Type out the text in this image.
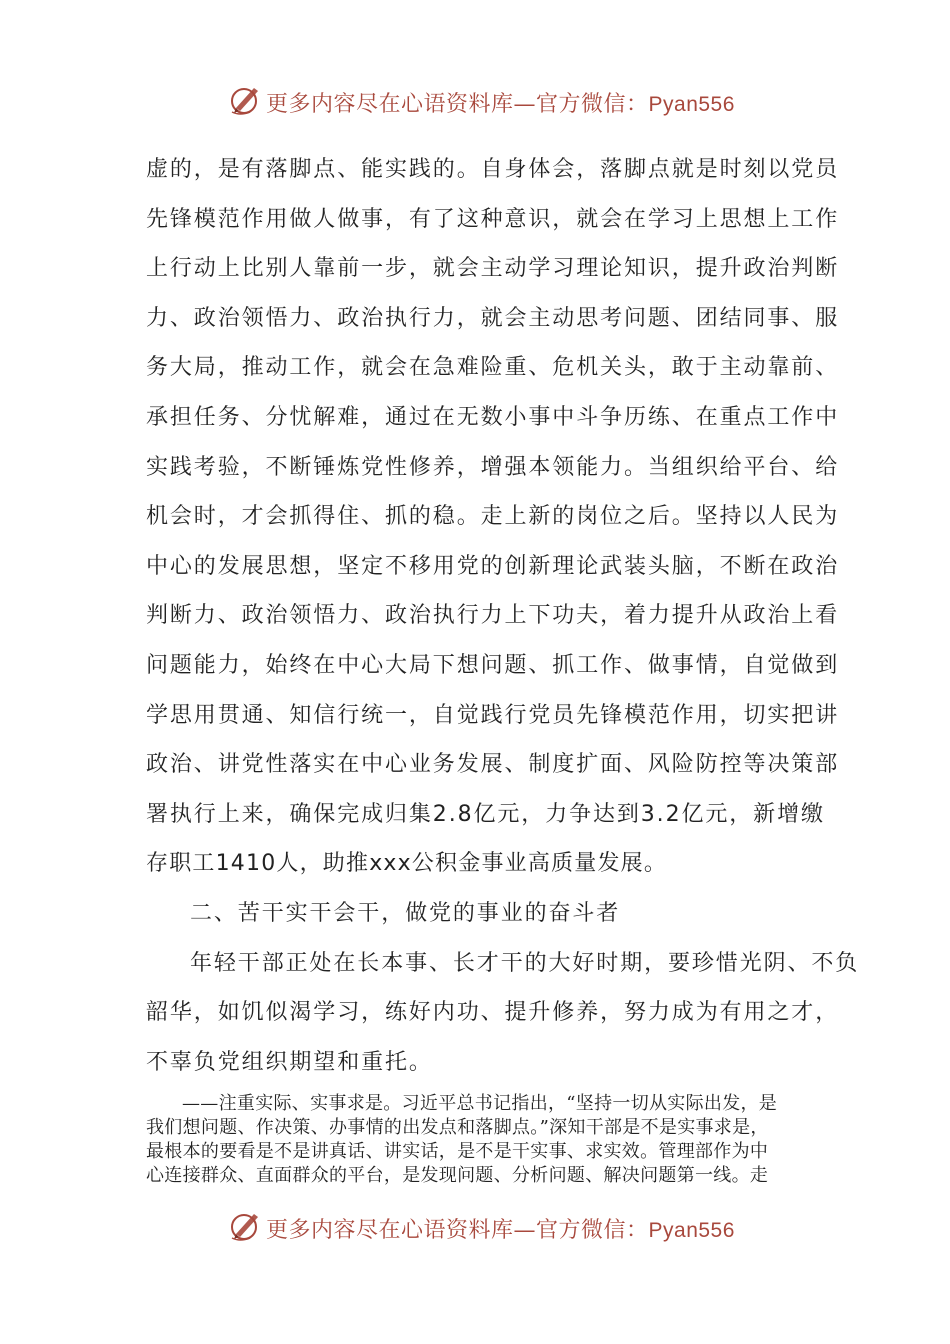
更多内容尽在心语资料库—官方微信：Pyan556
虚的，是有落脚点、能实践的。自身体会，落脚点就是时刻以党员
先锋模范作用做人做事，有了这种意识，就会在学习上思想上工作
上行动上比别人靠前一步，就会主动学习理论知识，提升政治判断
力、政治领悟力、政治执行力，就会主动思考问题、团结同事、服
务大局，推动工作，就会在急难险重、危机关头，敢于主动靠前、
承担任务、分忧解难，通过在无数小事中斗争历练、在重点工作中
实践考验，不断锤炼党性修养，增强本领能力。当组织给平台、给
机会时，才会抓得住、抓的稳。走上新的岗位之后。坚持以人民为
中心的发展思想，坚定不移用党的创新理论武装头脑，不断在政治
判断力、政治领悟力、政治执行力上下功夫，着力提升从政治上看
问题能力，始终在中心大局下想问题、抓工作、做事情，自觉做到
学思用贯通、知信行统一，自觉践行党员先锋模范作用，切实把讲
政治、讲党性落实在中心业务发展、制度扩面、风险防控等决策部
署执行上来，确保完成归集2.8亿元，力争达到3.2亿元，新增缴
存职工1410人，助推xxx公积金事业高质量发展。
二、苦干实干会干，做党的事业的奋斗者
年轻干部正处在长本事、长才干的大好时期，要珍惜光阴、不负
韶华，如饥似渴学习，练好内功、提升修养，努力成为有用之才，
不辜负党组织期望和重托。
——注重实际、实事求是。习近平总书记指出，“坚持一切从实际出发，是
我们想问题、作决策、办事情的出发点和落脚点。”深知干部是不是实事求是，
最根本的要看是不是讲真话、讲实话，是不是干实事、求实效。管理部作为中
心连接群众、直面群众的平台，是发现问题、分析问题、解决问题第一线。走
更多内容尽在心语资料库—官方微信：Pyan556
